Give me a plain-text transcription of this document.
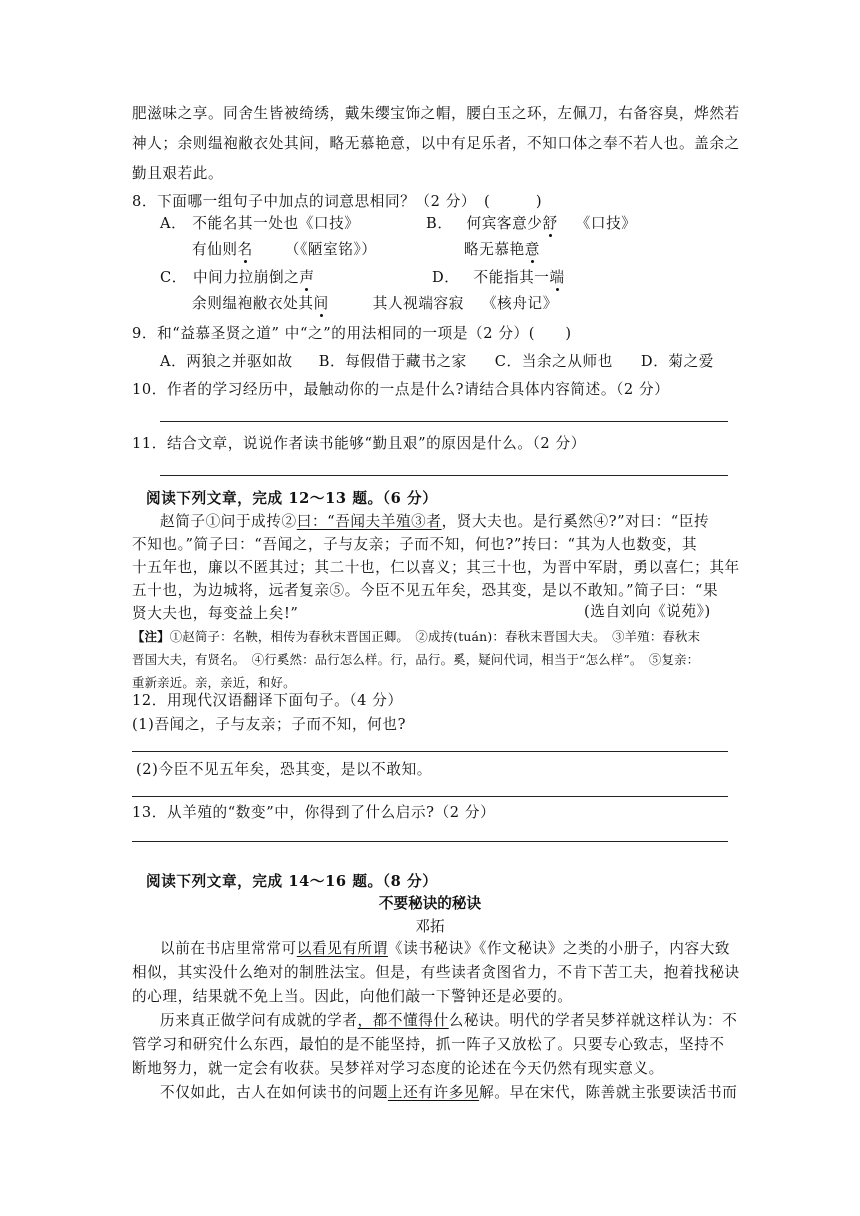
肥滋味之享。同舍生皆被绮绣，戴朱缨宝饰之帽，腰白玉之环，左佩刀，右备容臭，烨然若
神人；余则缊袍敝衣处其间，略无慕艳意，以中有足乐者，不知口体之奉不若人也。盖余之
勤且艰若此。
8．下面哪一组句子中加点的词意思相同？（2 分）　(　　　)
A． 不能名其一处也《口技》
有仙则名 （《陋室铭》）
B． 何宾客意少舒 《口技》
略无慕艳意
C． 中间力拉崩倒之声
余则缊袍敝衣处其间	其人视端容寂 《核舟记》
D． 不能指其一端
9．和“益慕圣贤之道” 中“之”的用法相同的一项是（2 分）(　　)
A．两狼之并驱如故 B．每假借于藏书之家 C．当余之从师也 D．菊之爱
10．作者的学习经历中，最触动你的一点是什么?请结合具体内容简述。（2 分）
11．结合文章，说说作者读书能够“勤且艰”的原因是什么。（2 分）
阅读下列文章，完成 12～13 题。（6 分）
赵简子①问于成抟②曰：“吾闻夫羊殖③者，贤大夫也。是行奚然④?”对曰：“臣抟
不知也。”简子曰：“吾闻之，子与友亲；子而不知，何也?”抟曰：“其为人也数变，其
十五年也，廉以不匿其过；其二十也，仁以喜义；其三十也，为晋中军尉，勇以喜仁；其年
五十也，为边城将，远者复亲⑤。今臣不见五年矣，恐其变，是以不敢知。”简子曰：“果
贤大夫也，每变益上矣!”	(选自刘向《说苑》)
【注】①赵简子：名鞅，相传为春秋末晋国正卿。　②成抟(tuán)：春秋末晋国大夫。　③羊殖：春秋末
晋国大夫，有贤名。　④行奚然：品行怎么样。行，品行。奚，疑问代词，相当于“怎么样”。　⑤复亲：
重新亲近。亲，亲近，和好。
12．用现代汉语翻译下面句子。（4 分）
(1)吾闻之，子与友亲；子而不知，何也?
(2)今臣不见五年矣，恐其变，是以不敢知。
13．从羊殖的“数变”中，你得到了什么启示?（2 分）
阅读下列文章，完成 14～16 题。（8 分）
不要秘诀的秘诀
邓拓
以前在书店里常常可以看见有所谓《读书秘诀》《作文秘诀》之类的小册子，内容大致
相似，其实没什么绝对的制胜法宝。但是，有些读者贪图省力，不肯下苦工夫，抱着找秘诀
的心理，结果就不免上当。因此，向他们敲一下警钟还是必要的。
历来真正做学问有成就的学者，都不懂得什么秘诀。明代的学者吴梦祥就这样认为：不
管学习和研究什么东西，最怕的是不能坚持，抓一阵子又放松了。只要专心致志，坚持不
断地努力，就一定会有收获。吴梦祥对学习态度的论述在今天仍然有现实意义。
不仅如此，古人在如何读书的问题上还有许多见解。早在宋代，陈善就主张要读活书而
